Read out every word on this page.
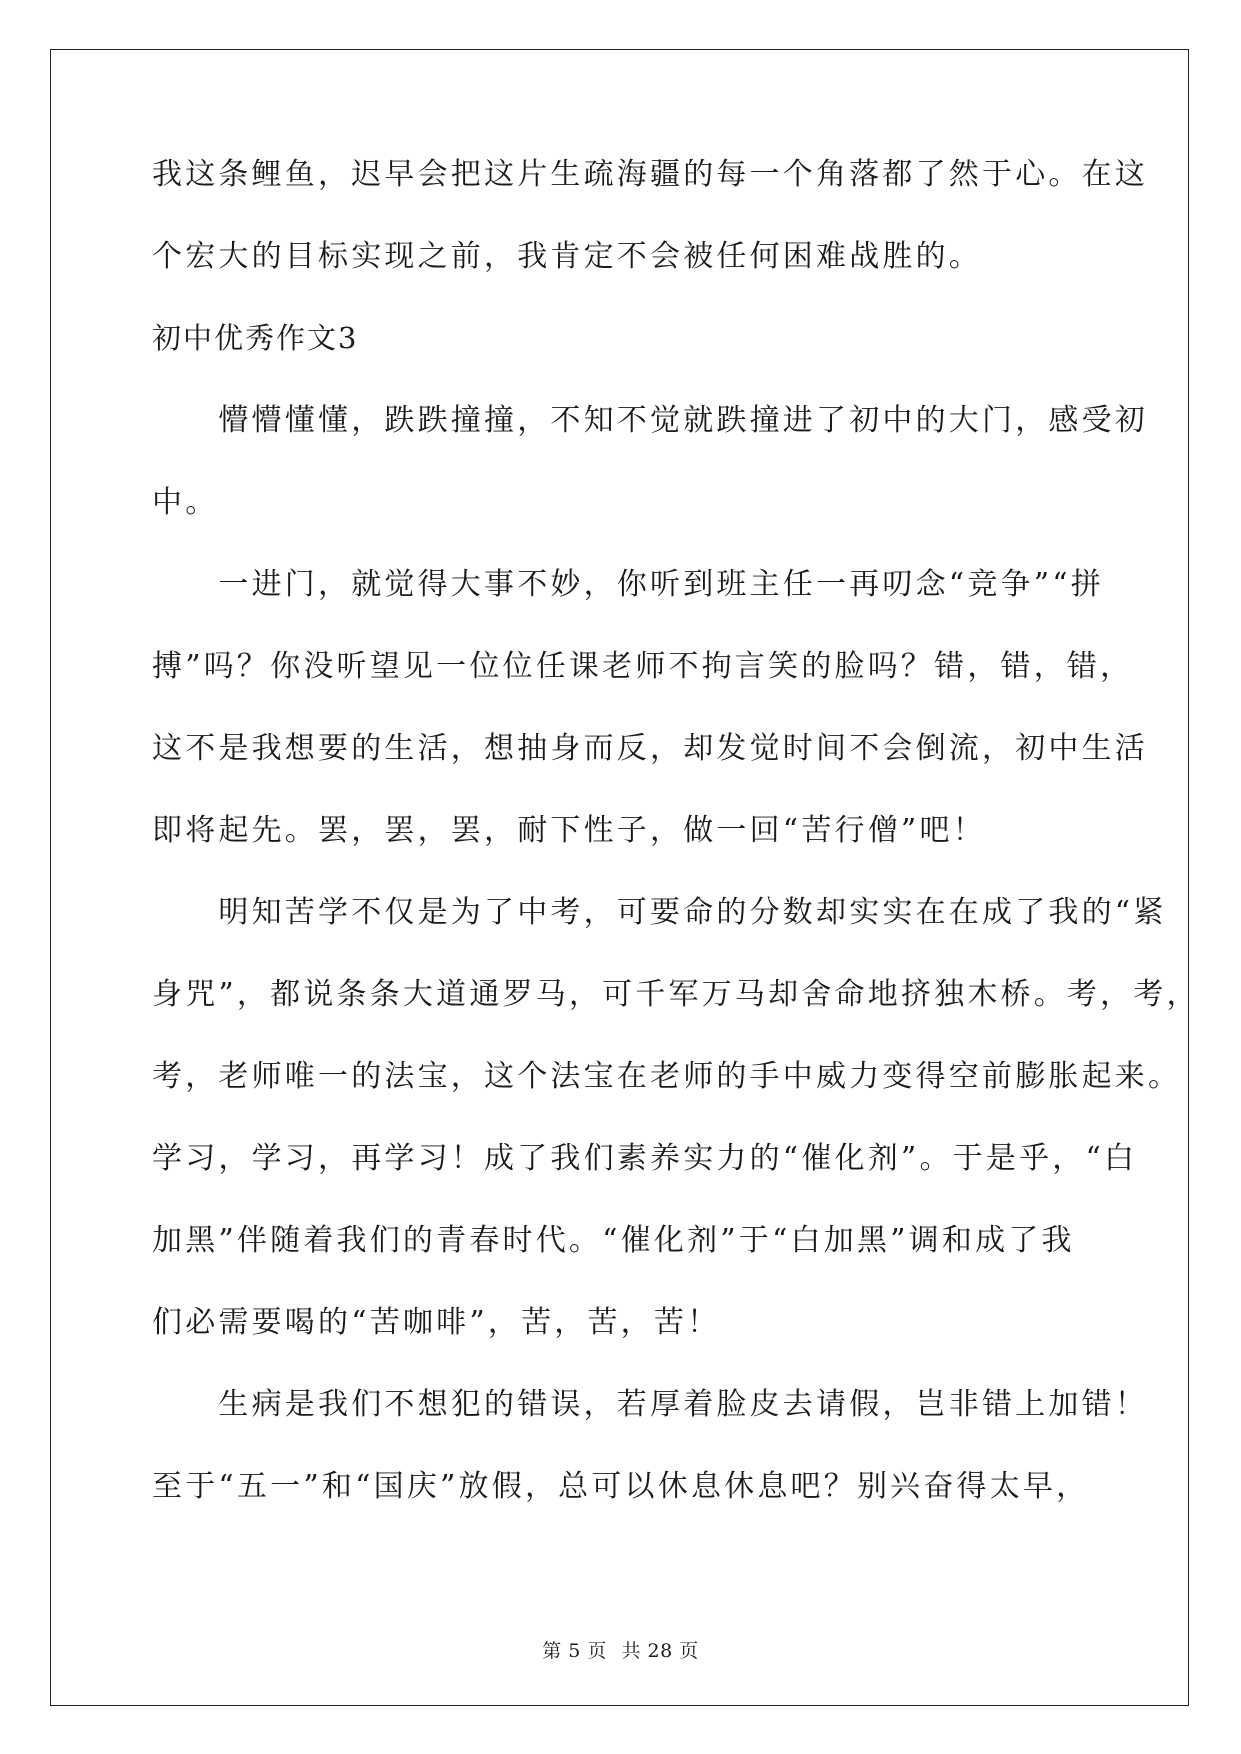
我这条鲤鱼，迟早会把这片生疏海疆的每一个角落都了然于心。在这
个宏大的目标实现之前，我肯定不会被任何困难战胜的。
初中优秀作文3
　　懵懵懂懂，跌跌撞撞，不知不觉就跌撞进了初中的大门，感受初
中。
　　一进门，就觉得大事不妙，你听到班主任一再叨念“竞争”“拼
搏”吗？你没听望见一位位任课老师不拘言笑的脸吗？错，错，错，
这不是我想要的生活，想抽身而反，却发觉时间不会倒流，初中生活
即将起先。罢，罢，罢，耐下性子，做一回“苦行僧”吧！
　　明知苦学不仅是为了中考，可要命的分数却实实在在成了我的“紧
身咒”，都说条条大道通罗马，可千军万马却舍命地挤独木桥。考，考，
考，老师唯一的法宝，这个法宝在老师的手中威力变得空前膨胀起来。
学习，学习，再学习！成了我们素养实力的“催化剂”。于是乎，“白
加黑”伴随着我们的青春时代。“催化剂”于“白加黑”调和成了我
们必需要喝的“苦咖啡”，苦，苦，苦！
　　生病是我们不想犯的错误，若厚着脸皮去请假，岂非错上加错！
至于“五一”和“国庆”放假，总可以休息休息吧？别兴奋得太早，
第 5 页 共 28 页
